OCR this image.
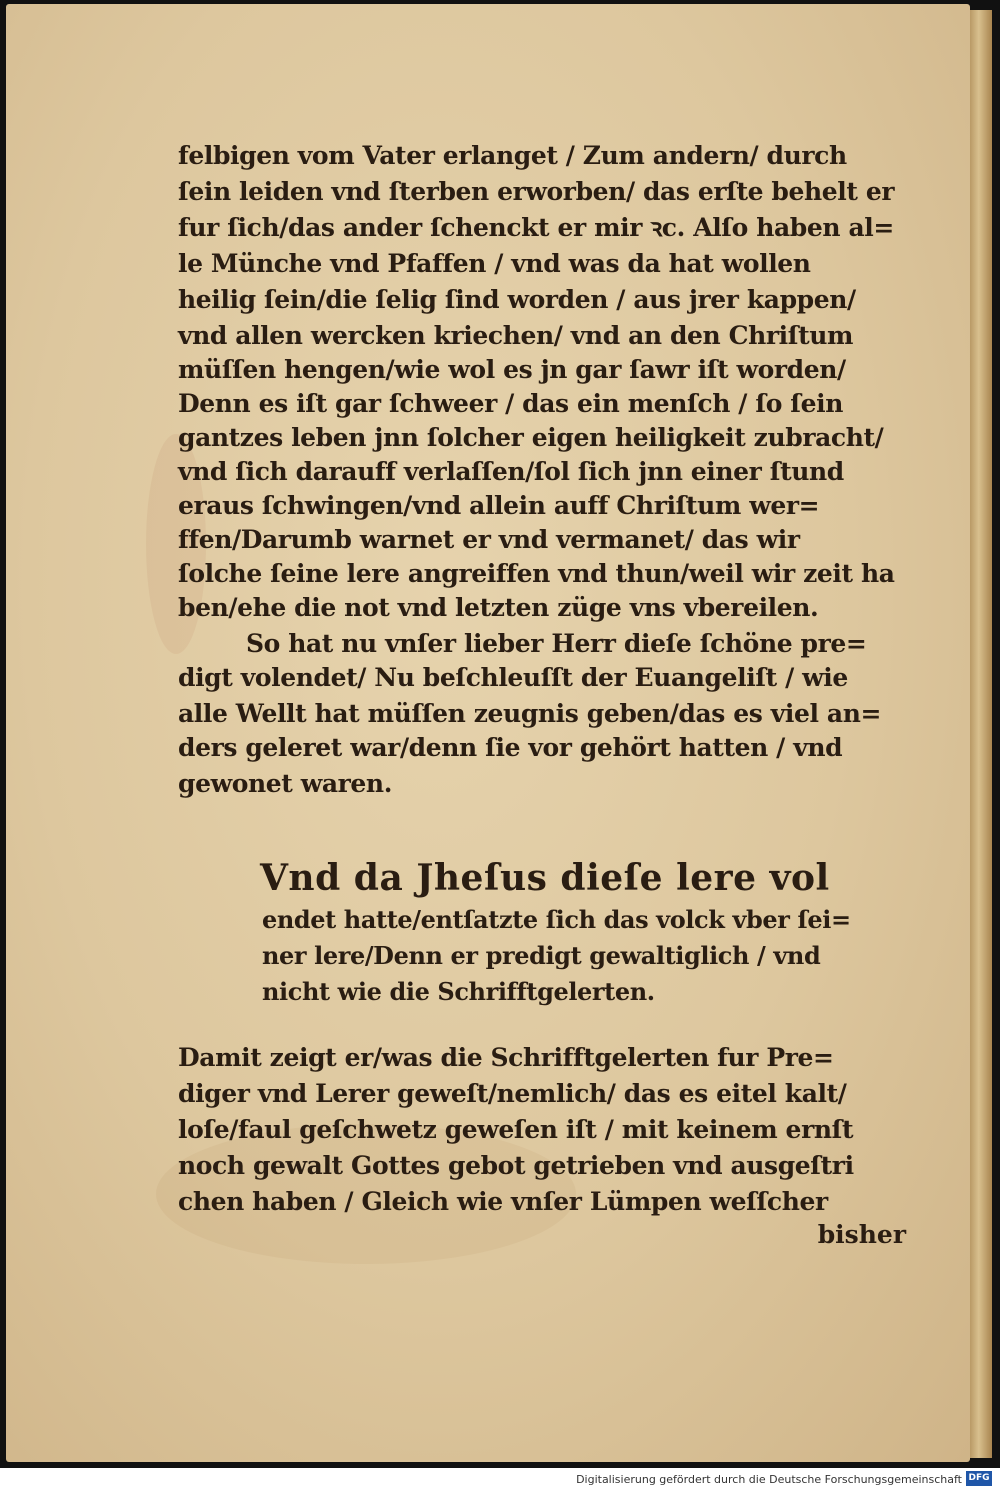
felbigen vom Vater erlanget / Zum andern/ durch
ſein leiden vnd ſterben erworben/ das erſte behelt er
fur ſich/das ander ſchenckt er mir ꝛc. Alſo haben al=
le Münche vnd Pfaffen / vnd was da hat wollen
heilig ſein/die ſelig ſind worden / aus jrer kappen/
vnd allen wercken kriechen/ vnd an den Chriſtum
müſſen hengen/wie wol es jn gar ſawr iſt worden/
Denn es iſt gar ſchweer / das ein menſch / ſo ſein
gantzes leben jnn ſolcher eigen heiligkeit zubracht/
vnd ſich darauff verlaſſen/ſol ſich jnn einer ſtund
eraus ſchwingen/vnd allein auff Chriſtum wer=
ffen/Darumb warnet er vnd vermanet/ das wir
ſolche ſeine lere angreiffen vnd thun/weil wir zeit ha
ben/ehe die not vnd letzten züge vns vbereilen.
So hat nu vnſer lieber Herr dieſe ſchöne pre=
digt volendet/ Nu beſchleuſſt der Euangeliſt / wie
alle Wellt hat müſſen zeugnis geben/das es viel an=
ders geleret war/denn ſie vor gehört hatten / vnd
gewonet waren.
Vnd da Jheſus dieſe lere vol
endet hatte/entſatzte ſich das volck vber ſei=
ner lere/Denn er predigt gewaltiglich / vnd
nicht wie die Schrifftgelerten.
Damit zeigt er/was die Schrifftgelerten fur Pre=
diger vnd Lerer geweſt/nemlich/ das es eitel kalt/
loſe/faul geſchwetz geweſen iſt / mit keinem ernſt
noch gewalt Gottes gebot getrieben vnd ausgeſtri
chen haben / Gleich wie vnſer Lümpen weſſcher
bisher
Digitalisierung gefördert durch die Deutsche Forschungsgemeinschaft DFG
